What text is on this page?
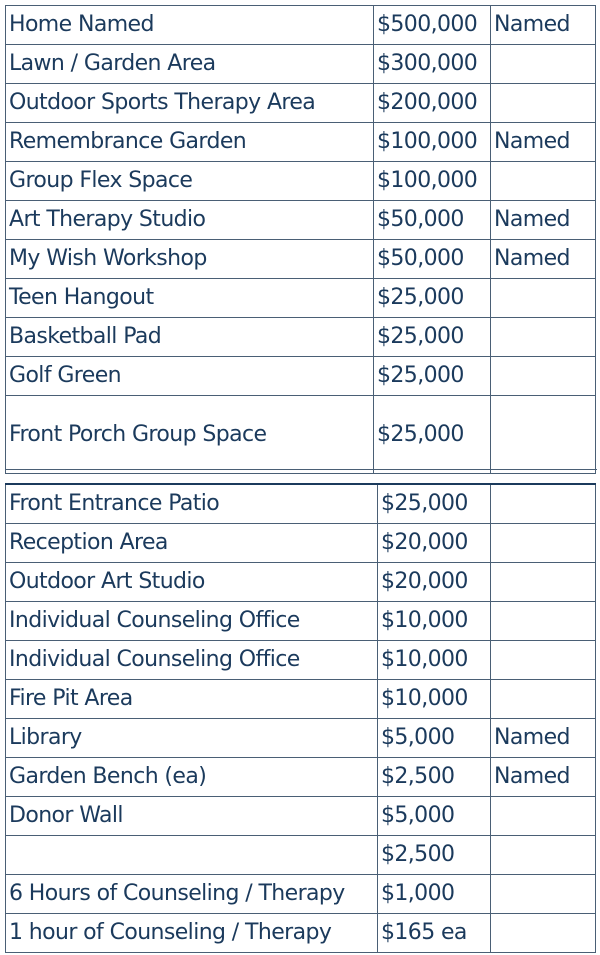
Home Named	$500,000	Named
Lawn / Garden Area	$300,000	
Outdoor Sports Therapy Area	$200,000	
Remembrance Garden	$100,000	Named
Group Flex Space	$100,000	
Art Therapy Studio	$50,000	Named
My Wish Workshop	$50,000	Named
Teen Hangout	$25,000	
Basketball Pad	$25,000	
Golf Green	$25,000	
Front Porch Group Space	$25,000	
Front Entrance Patio	$25,000	
Reception Area	$20,000	
Outdoor Art Studio	$20,000	
Individual Counseling Office	$10,000	
Individual Counseling Office	$10,000	
Fire Pit Area	$10,000	
Library	$5,000	Named
Garden Bench (ea)	$2,500	Named
Donor Wall	$5,000	
	$2,500	
6 Hours of Counseling / Therapy	$1,000	
1 hour of Counseling / Therapy	$165 ea	
